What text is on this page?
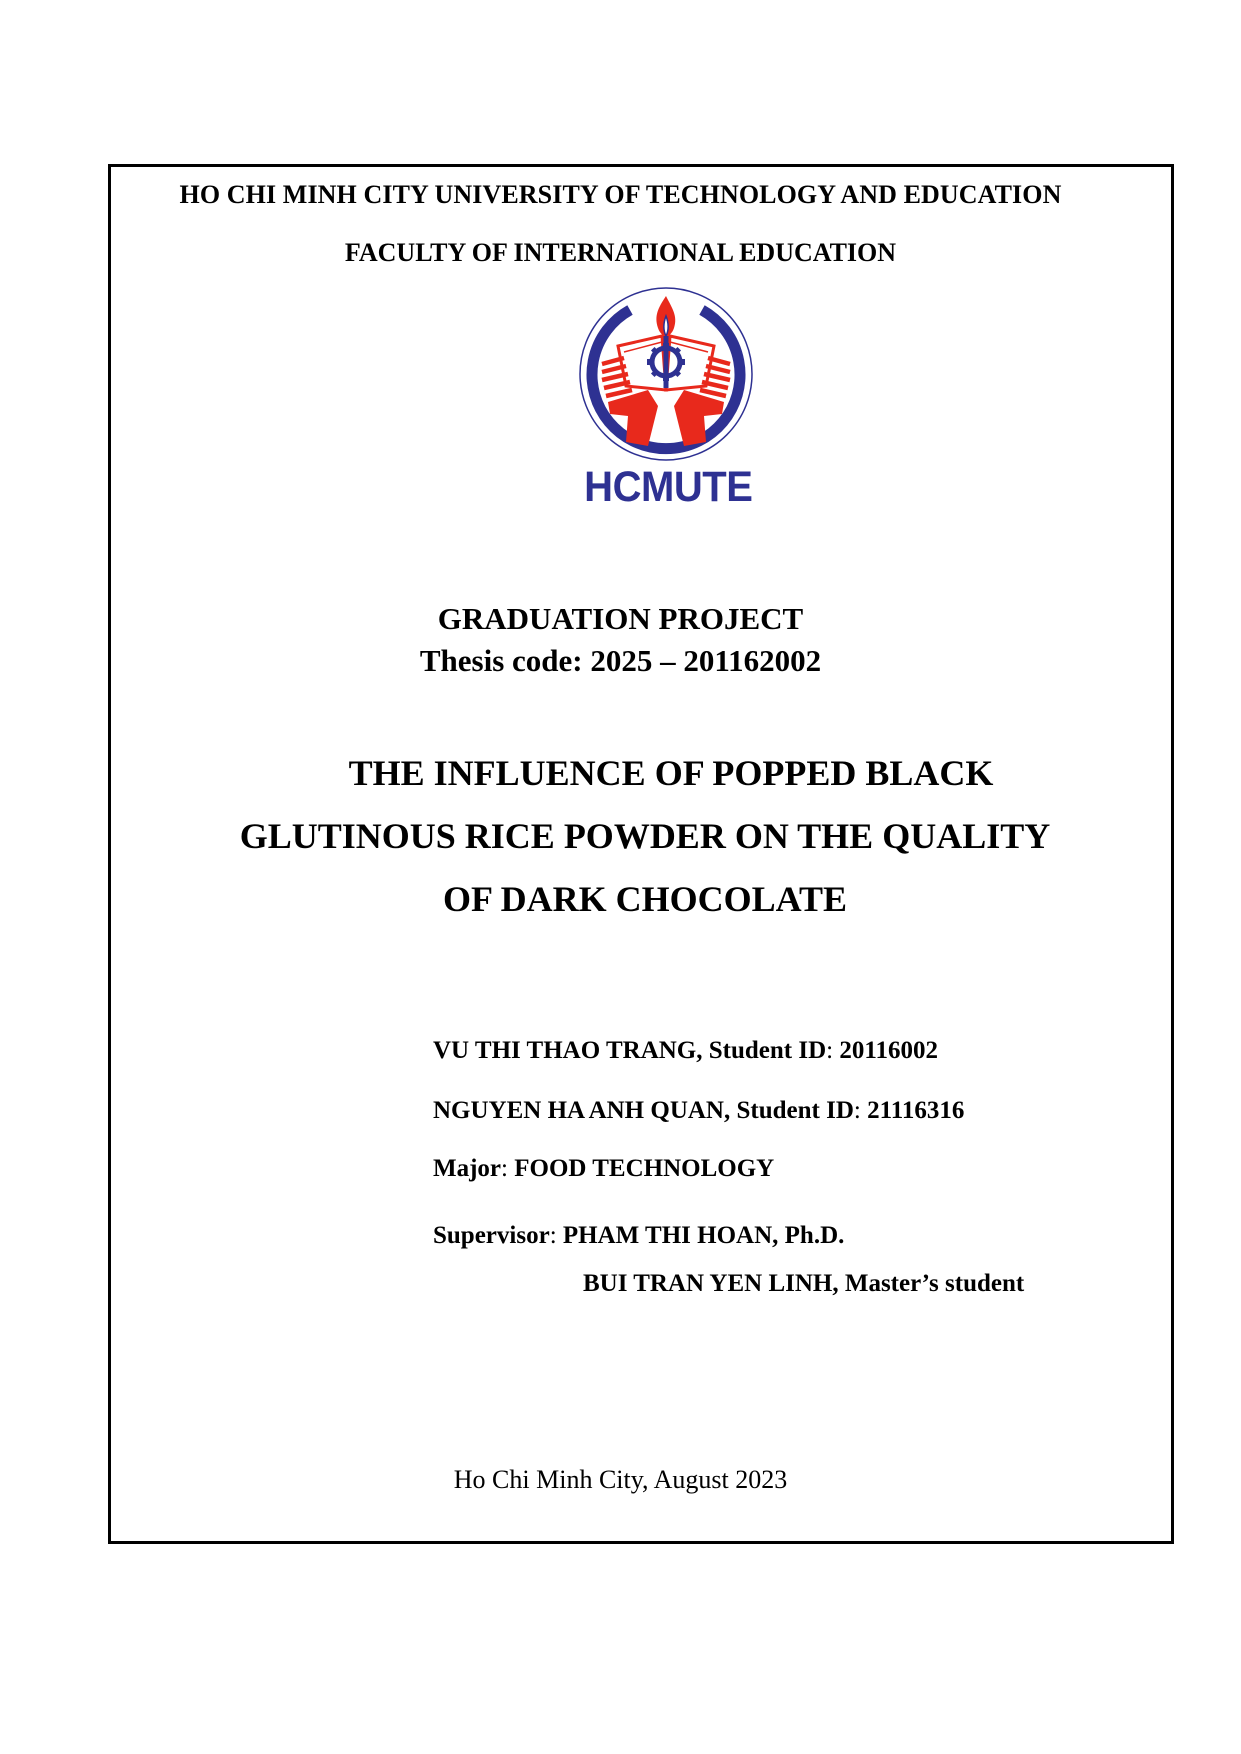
HO CHI MINH CITY UNIVERSITY OF TECHNOLOGY AND EDUCATION
FACULTY OF INTERNATIONAL EDUCATION
HCMUTE
GRADUATION PROJECT
Thesis code: 2025 – 201162002
THE INFLUENCE OF POPPED BLACK
GLUTINOUS RICE POWDER ON THE QUALITY
OF DARK CHOCOLATE
VU THI THAO TRANG, Student ID: 20116002
NGUYEN HA ANH QUAN, Student ID: 21116316
Major: FOOD TECHNOLOGY
Supervisor: PHAM THI HOAN, Ph.D.
BUI TRAN YEN LINH, Master’s student
Ho Chi Minh City, August 2023
